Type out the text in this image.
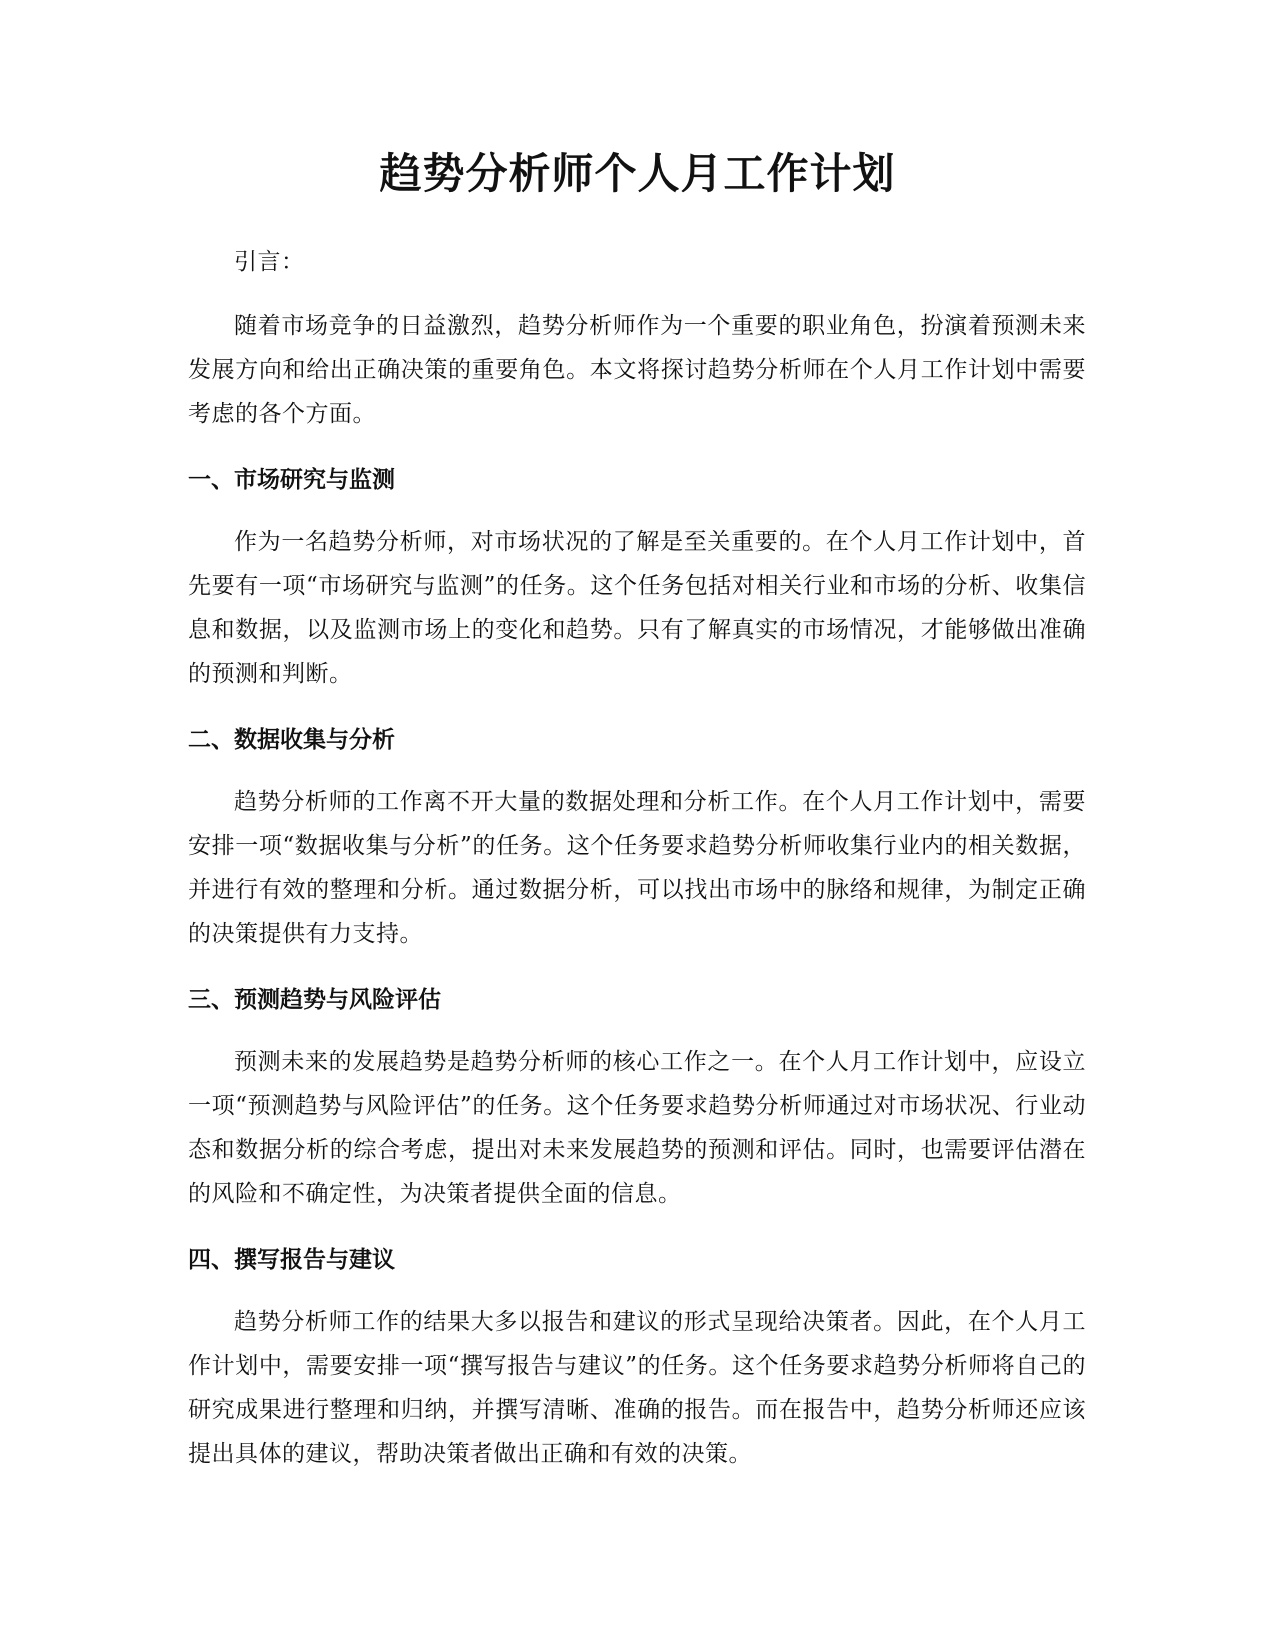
趋势分析师个人月工作计划

引言：

随着市场竞争的日益激烈，趋势分析师作为一个重要的职业角色，扮演着预测未来发展方向和给出正确决策的重要角色。本文将探讨趋势分析师在个人月工作计划中需要考虑的各个方面。

一、市场研究与监测

作为一名趋势分析师，对市场状况的了解是至关重要的。在个人月工作计划中，首先要有一项“市场研究与监测”的任务。这个任务包括对相关行业和市场的分析、收集信息和数据，以及监测市场上的变化和趋势。只有了解真实的市场情况，才能够做出准确的预测和判断。

二、数据收集与分析

趋势分析师的工作离不开大量的数据处理和分析工作。在个人月工作计划中，需要安排一项“数据收集与分析”的任务。这个任务要求趋势分析师收集行业内的相关数据，并进行有效的整理和分析。通过数据分析，可以找出市场中的脉络和规律，为制定正确的决策提供有力支持。

三、预测趋势与风险评估

预测未来的发展趋势是趋势分析师的核心工作之一。在个人月工作计划中，应设立一项“预测趋势与风险评估”的任务。这个任务要求趋势分析师通过对市场状况、行业动态和数据分析的综合考虑，提出对未来发展趋势的预测和评估。同时，也需要评估潜在的风险和不确定性，为决策者提供全面的信息。

四、撰写报告与建议

趋势分析师工作的结果大多以报告和建议的形式呈现给决策者。因此，在个人月工作计划中，需要安排一项“撰写报告与建议”的任务。这个任务要求趋势分析师将自己的研究成果进行整理和归纳，并撰写清晰、准确的报告。而在报告中，趋势分析师还应该提出具体的建议，帮助决策者做出正确和有效的决策。
